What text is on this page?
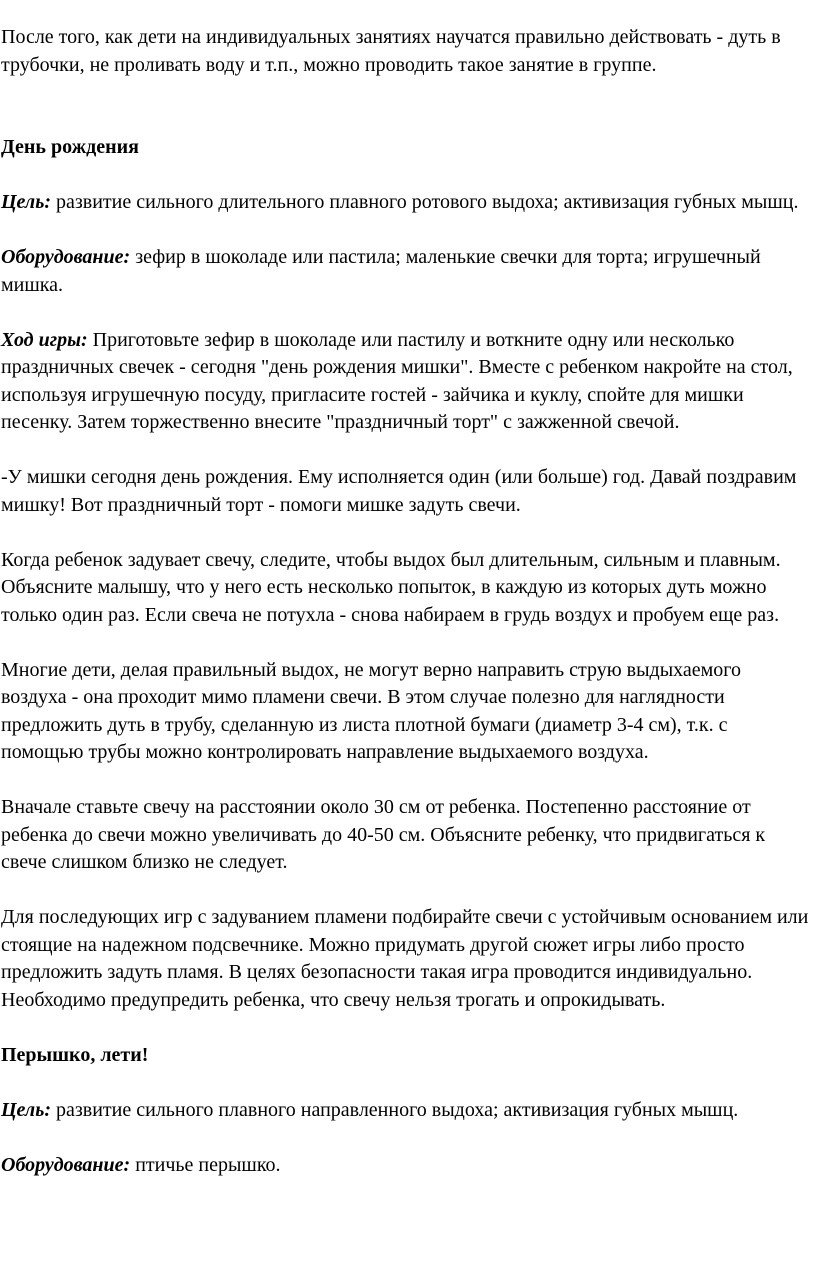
После того, как дети на индивидуальных занятиях научатся правильно действовать - дуть в трубочки, не проливать воду и т.п., можно проводить такое занятие в группе.

День рождения

Цель: развитие сильного длительного плавного ротового выдоха; активизация губных мышц.

Оборудование: зефир в шоколаде или пастила; маленькие свечки для торта; игрушечный мишка.

Ход игры: Приготовьте зефир в шоколаде или пастилу и воткните одну или несколько праздничных свечек - сегодня "день рождения мишки". Вместе с ребенком накройте на стол, используя игрушечную посуду, пригласите гостей - зайчика и куклу, спойте для мишки песенку. Затем торжественно внесите "праздничный торт" с зажженной свечой.

-У мишки сегодня день рождения. Ему исполняется один (или больше) год. Давай поздравим мишку! Вот праздничный торт - помоги мишке задуть свечи.

Когда ребенок задувает свечу, следите, чтобы выдох был длительным, сильным и плавным. Объясните малышу, что у него есть несколько попыток, в каждую из которых дуть можно только один раз. Если свеча не потухла - снова набираем в грудь воздух и пробуем еще раз.

Многие дети, делая правильный выдох, не могут верно направить струю выдыхаемого воздуха - она проходит мимо пламени свечи. В этом случае полезно для наглядности предложить дуть в трубу, сделанную из листа плотной бумаги (диаметр 3-4 см), т.к. с помощью трубы можно контролировать направление выдыхаемого воздуха.

Вначале ставьте свечу на расстоянии около 30 см от ребенка. Постепенно расстояние от ребенка до свечи можно увеличивать до 40-50 см. Объясните ребенку, что придвигаться к свече слишком близко не следует.

Для последующих игр с задуванием пламени подбирайте свечи с устойчивым основанием или стоящие на надежном подсвечнике. Можно придумать другой сюжет игры либо просто предложить задуть пламя. В целях безопасности такая игра проводится индивидуально. Необходимо предупредить ребенка, что свечу нельзя трогать и опрокидывать.

Перышко, лети!

Цель: развитие сильного плавного направленного выдоха; активизация губных мышц.

Оборудование: птичье перышко.
